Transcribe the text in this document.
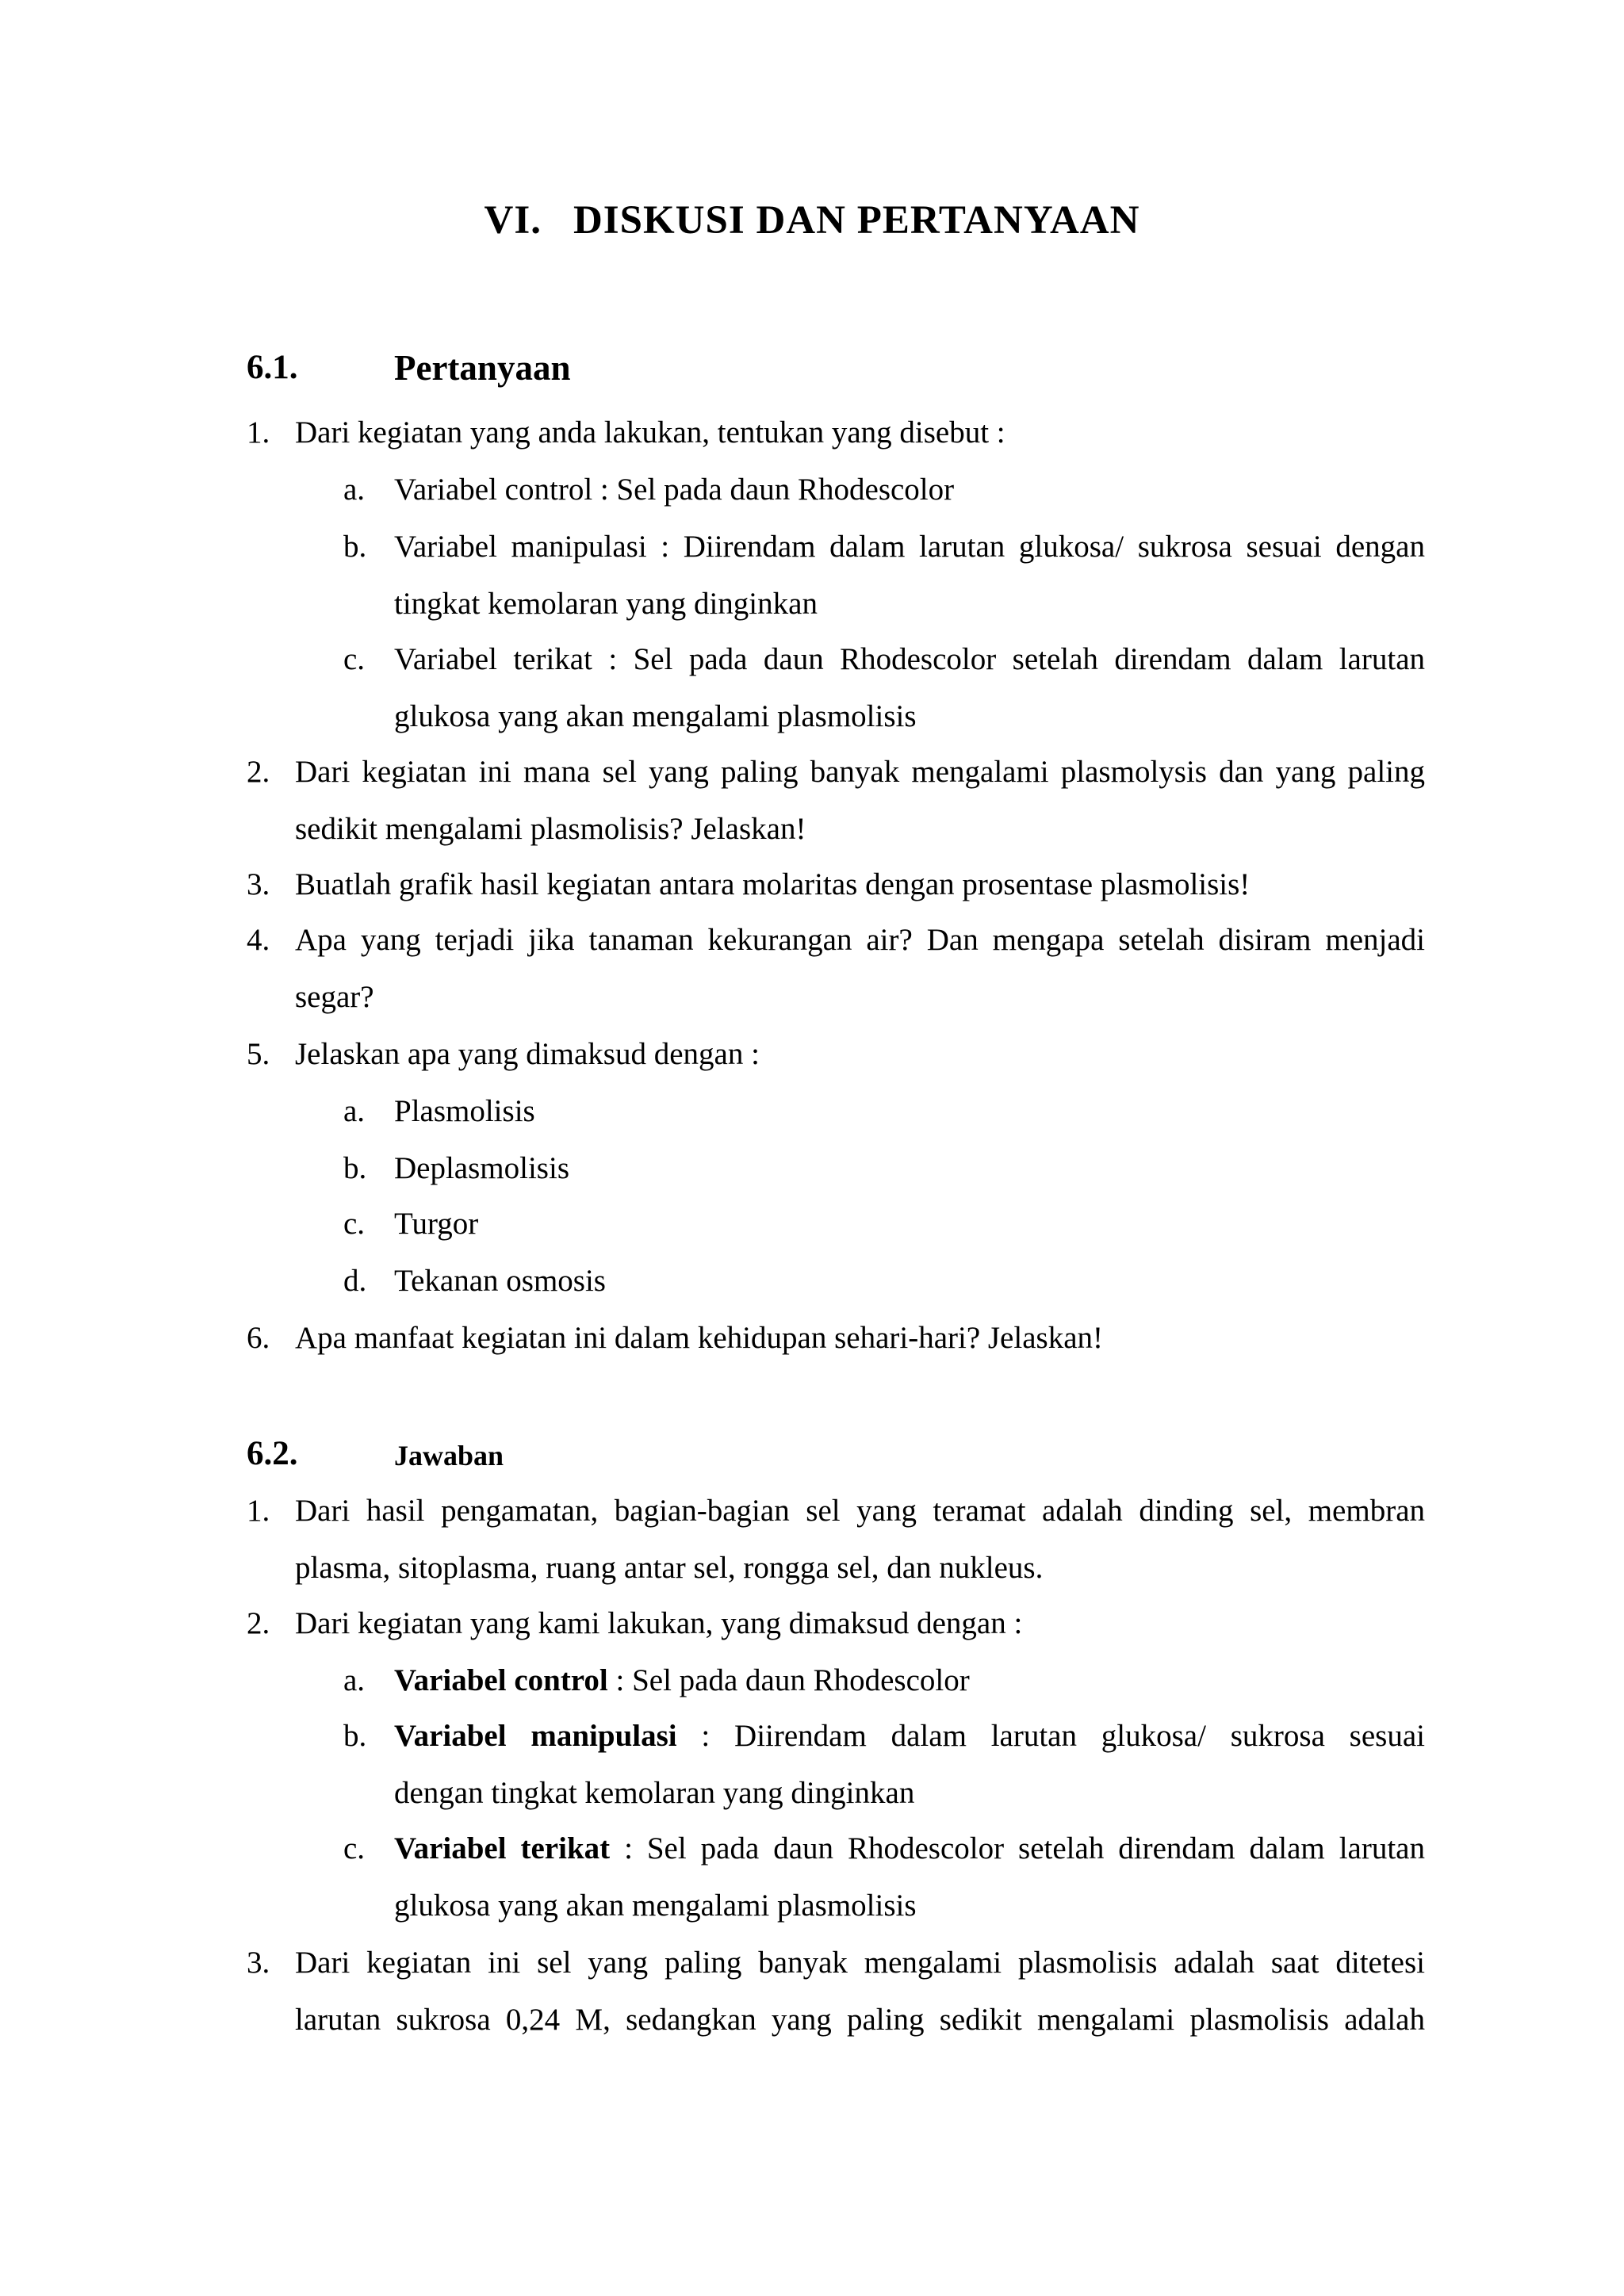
VI. DISKUSI DAN PERTANYAAN
6.1.	Pertanyaan
1. Dari kegiatan yang anda lakukan, tentukan yang disebut :
a. Variabel control : Sel pada daun Rhodescolor
b. Variabel manipulasi : Diirendam dalam larutan glukosa/ sukrosa sesuai dengan
tingkat kemolaran yang dinginkan
c. Variabel terikat : Sel pada daun Rhodescolor setelah direndam dalam larutan
glukosa yang akan mengalami plasmolisis
2. Dari kegiatan ini mana sel yang paling banyak mengalami plasmolysis dan yang paling
sedikit mengalami plasmolisis? Jelaskan!
3. Buatlah grafik hasil kegiatan antara molaritas dengan prosentase plasmolisis!
4. Apa yang terjadi jika tanaman kekurangan air? Dan mengapa setelah disiram menjadi
segar?
5. Jelaskan apa yang dimaksud dengan :
a. Plasmolisis
b. Deplasmolisis
c. Turgor
d. Tekanan osmosis
6. Apa manfaat kegiatan ini dalam kehidupan sehari-hari? Jelaskan!
6.2.	Jawaban
1. Dari hasil pengamatan, bagian-bagian sel yang teramat adalah dinding sel, membran
plasma, sitoplasma, ruang antar sel, rongga sel, dan nukleus.
2. Dari kegiatan yang kami lakukan, yang dimaksud dengan :
a. Variabel control : Sel pada daun Rhodescolor
b. Variabel manipulasi : Diirendam dalam larutan glukosa/ sukrosa sesuai
dengan tingkat kemolaran yang dinginkan
c. Variabel terikat : Sel pada daun Rhodescolor setelah direndam dalam larutan
glukosa yang akan mengalami plasmolisis
3. Dari kegiatan ini sel yang paling banyak mengalami plasmolisis adalah saat ditetesi
larutan sukrosa 0,24 M, sedangkan yang paling sedikit mengalami plasmolisis adalah
